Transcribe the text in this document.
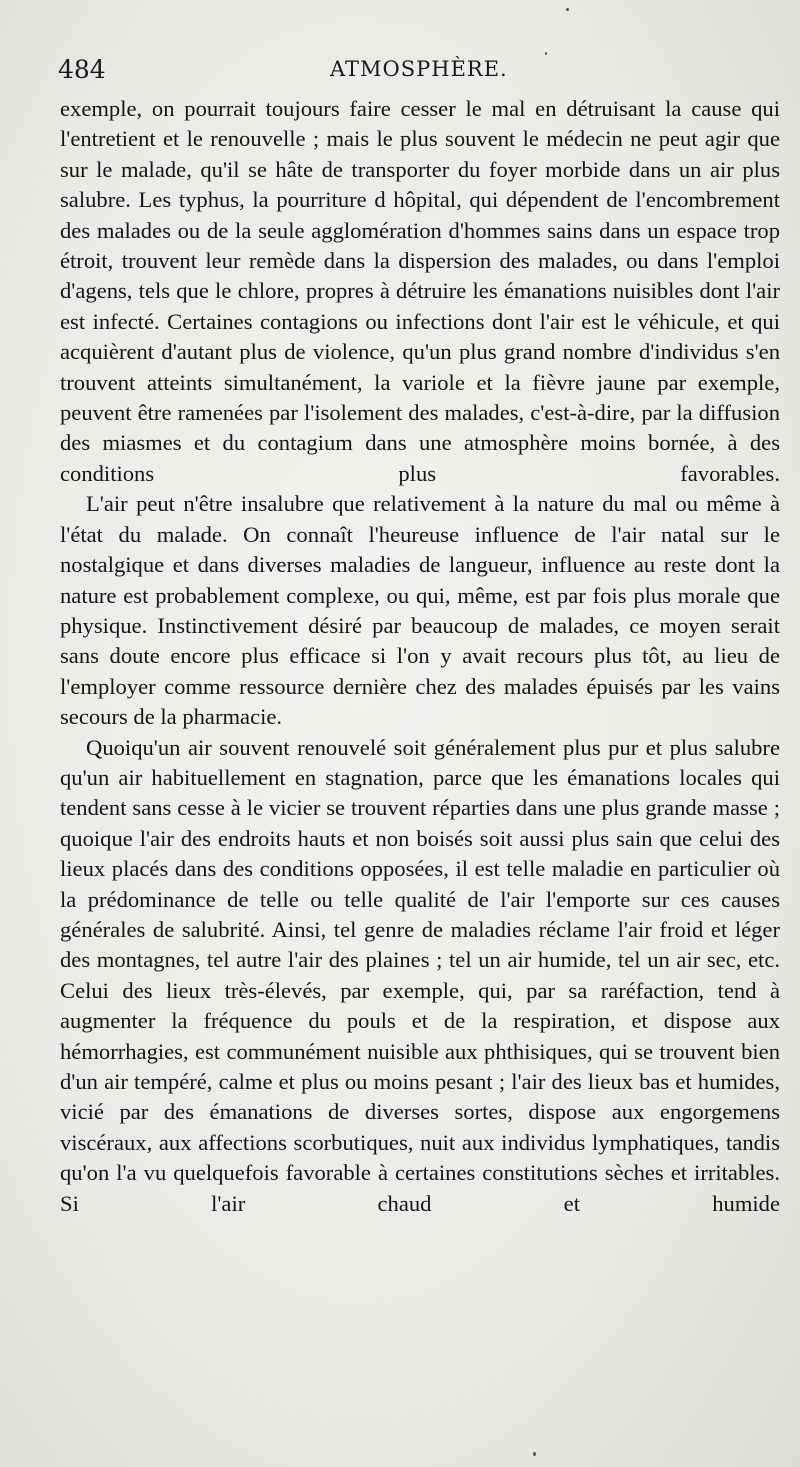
484	ATMOSPHÈRE.

exemple, on pourrait toujours faire cesser le mal en détruisant la cause qui l'entretient et le renouvelle ; mais le plus souvent le médecin ne peut agir que sur le malade, qu'il se hâte de transporter du foyer morbide dans un air plus salubre. Les typhus, la pourriture d hôpital, qui dépendent de l'encombrement des malades ou de la seule agglomération d'hommes sains dans un espace trop étroit, trouvent leur remède dans la dispersion des malades, ou dans l'emploi d'agens, tels que le chlore, propres à détruire les émanations nuisibles dont l'air est infecté. Certaines contagions ou infections dont l'air est le véhicule, et qui acquièrent d'autant plus de violence, qu'un plus grand nombre d'individus s'en trouvent atteints simultanément, la variole et la fièvre jaune par exemple, peuvent être ramenées par l'isolement des malades, c'est-à-dire, par la diffusion des miasmes et du contagium dans une atmosphère moins bornée, à des conditions plus favorables.

L'air peut n'être insalubre que relativement à la nature du mal ou même à l'état du malade. On connaît l'heureuse influence de l'air natal sur le nostalgique et dans diverses maladies de langueur, influence au reste dont la nature est probablement complexe, ou qui, même, est par fois plus morale que physique. Instinctivement désiré par beaucoup de malades, ce moyen serait sans doute encore plus efficace si l'on y avait recours plus tôt, au lieu de l'employer comme ressource dernière chez des malades épuisés par les vains secours de la pharmacie.

Quoiqu'un air souvent renouvelé soit généralement plus pur et plus salubre qu'un air habituellement en stagnation, parce que les émanations locales qui tendent sans cesse à le vicier se trouvent réparties dans une plus grande masse ; quoique l'air des endroits hauts et non boisés soit aussi plus sain que celui des lieux placés dans des conditions opposées, il est telle maladie en particulier où la prédominance de telle ou telle qualité de l'air l'emporte sur ces causes générales de salubrité. Ainsi, tel genre de maladies réclame l'air froid et léger des montagnes, tel autre l'air des plaines ; tel un air humide, tel un air sec, etc. Celui des lieux très-élevés, par exemple, qui, par sa raréfaction, tend à augmenter la fréquence du pouls et de la respiration, et dispose aux hémorrhagies, est communément nuisible aux phthisiques, qui se trouvent bien d'un air tempéré, calme et plus ou moins pesant ; l'air des lieux bas et humides, vicié par des émanations de diverses sortes, dispose aux engorgemens viscéraux, aux affections scorbutiques, nuit aux individus lymphatiques, tandis qu'on l'a vu quelquefois favorable à certaines constitutions sèches et irritables. Si l'air chaud et humide
